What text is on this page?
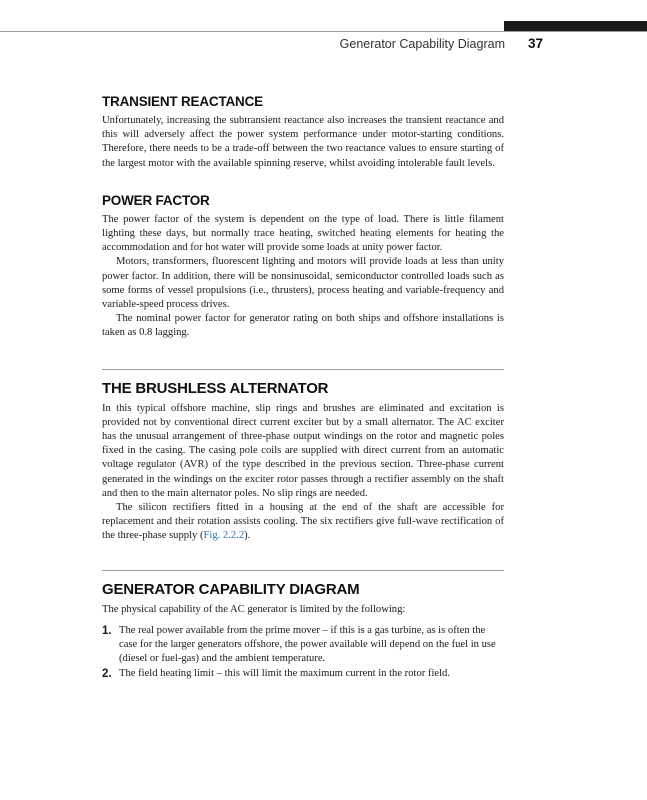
Generator Capability Diagram 37
TRANSIENT REACTANCE

Unfortunately, increasing the subtransient reactance also increases the transient reactance and this will adversely affect the power system performance under motor-starting conditions. Therefore, there needs to be a trade-off between the two reactance values to ensure starting of the largest motor with the available spinning reserve, whilst avoiding intolerable fault levels.

POWER FACTOR

The power factor of the system is dependent on the type of load. There is little filament lighting these days, but normally trace heating, switched heating elements for heating the accommodation and for hot water will provide some loads at unity power factor.

Motors, transformers, fluorescent lighting and motors will provide loads at less than unity power factor. In addition, there will be nonsinusoidal, semiconductor controlled loads such as some forms of vessel propulsions (i.e., thrusters), process heating and variable-frequency and variable-speed process drives.

The nominal power factor for generator rating on both ships and offshore installations is taken as 0.8 lagging.

THE BRUSHLESS ALTERNATOR

In this typical offshore machine, slip rings and brushes are eliminated and excitation is provided not by conventional direct current exciter but by a small alternator. The AC exciter has the unusual arrangement of three-phase output windings on the rotor and magnetic poles fixed in the casing. The casing pole coils are supplied with direct current from an automatic voltage regulator (AVR) of the type described in the previous section. Three-phase current generated in the windings on the exciter rotor passes through a rectifier assembly on the shaft and then to the main alternator poles. No slip rings are needed.

The silicon rectifiers fitted in a housing at the end of the shaft are accessible for replacement and their rotation assists cooling. The six rectifiers give full-wave rectification of the three-phase supply (Fig. 2.2.2).

GENERATOR CAPABILITY DIAGRAM

The physical capability of the AC generator is limited by the following:

1. The real power available from the prime mover – if this is a gas turbine, as is often the case for the larger generators offshore, the power available will depend on the fuel in use (diesel or fuel-gas) and the ambient temperature.
2. The field heating limit – this will limit the maximum current in the rotor field.
